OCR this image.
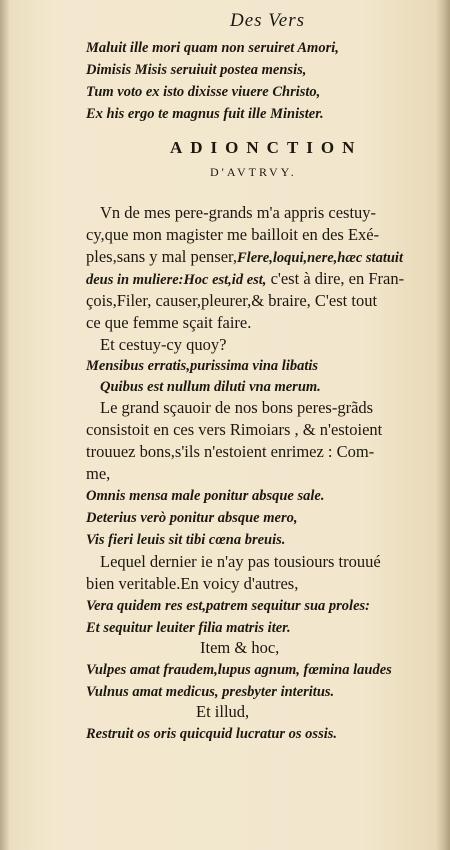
Des Vers
Maluit ille mori quam non seruiret Amori,
Dimisis Misis seruiuit postea mensis,
Tum voto ex isto dixisse viuere Christo,
Ex his ergo te magnus fuit ille Minister.
ADIONCTION
D'AVTRVY.
Vn de mes pere-grands m'a appris cestuy-
cy,que mon magister me bailloit en des Exé-
ples,sans y mal penser,Flere,loqui,nere,hæc statuit
deus in muliere:Hoc est,id est, c'est à dire, en Fran-
çois,Filer, causer,pleurer,& braire, C'est tout
ce que femme sçait faire.
Et cestuy-cy quoy?
Mensibus erratis,purissima vina libatis
Quibus est nullum diluti vna merum.
Le grand sçauoir de nos bons peres-grãds
consistoit en ces vers Rimoiars , & n'estoient
trouuez bons,s'ils n'estoient enrimez : Com-
me,
Omnis mensa male ponitur absque sale.
Deterius verò ponitur absque mero,
Vis fieri leuis sit tibi cœna breuis.
Lequel dernier ie n'ay pas tousiours trouué
bien veritable.En voicy d'autres,
Vera quidem res est,patrem sequitur sua proles:
Et sequitur leuiter filia matris iter.
Item & hoc,
Vulpes amat fraudem,lupus agnum, fœmina laudes
Vulnus amat medicus, presbyter interitus.
Et illud,
Restruit os oris quicquid lucratur os ossis.
